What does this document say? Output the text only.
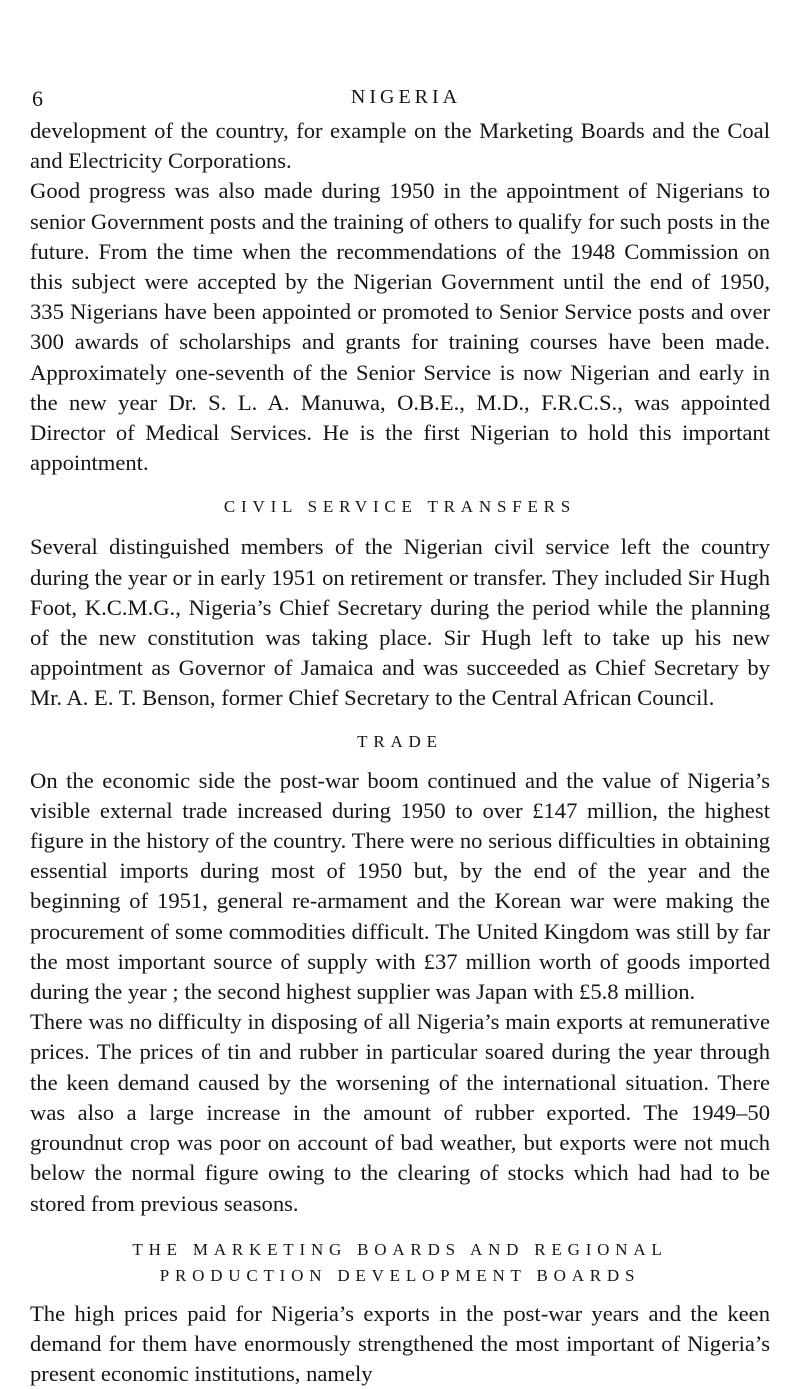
6	NIGERIA

development of the country, for example on the Marketing Boards and the Coal and Electricity Corporations.

Good progress was also made during 1950 in the appointment of Nigerians to senior Government posts and the training of others to qualify for such posts in the future. From the time when the recommendations of the 1948 Commission on this subject were accepted by the Nigerian Government until the end of 1950, 335 Nigerians have been appointed or promoted to Senior Service posts and over 300 awards of scholarships and grants for training courses have been made. Approximately one-seventh of the Senior Service is now Nigerian and early in the new year Dr. S. L. A. Manuwa, O.B.E., M.D., F.R.C.S., was appointed Director of Medical Services. He is the first Nigerian to hold this important appointment.

CIVIL SERVICE TRANSFERS

Several distinguished members of the Nigerian civil service left the country during the year or in early 1951 on retirement or transfer. They included Sir Hugh Foot, K.C.M.G., Nigeria’s Chief Secretary during the period while the planning of the new constitution was taking place. Sir Hugh left to take up his new appointment as Governor of Jamaica and was succeeded as Chief Secretary by Mr. A. E. T. Benson, former Chief Secretary to the Central African Council.

TRADE

On the economic side the post-war boom continued and the value of Nigeria’s visible external trade increased during 1950 to over £147 million, the highest figure in the history of the country. There were no serious difficulties in obtaining essential imports during most of 1950 but, by the end of the year and the beginning of 1951, general re-armament and the Korean war were making the procurement of some commodities difficult. The United Kingdom was still by far the most important source of supply with £37 million worth of goods imported during the year ; the second highest supplier was Japan with £5.8 million.

There was no difficulty in disposing of all Nigeria’s main exports at remunerative prices. The prices of tin and rubber in particular soared during the year through the keen demand caused by the worsening of the international situation. There was also a large increase in the amount of rubber exported. The 1949–50 groundnut crop was poor on account of bad weather, but exports were not much below the normal figure owing to the clearing of stocks which had had to be stored from previous seasons.

THE MARKETING BOARDS AND REGIONAL
PRODUCTION DEVELOPMENT BOARDS

The high prices paid for Nigeria’s exports in the post-war years and the keen demand for them have enormously strengthened the most important of Nigeria’s present economic institutions, namely
